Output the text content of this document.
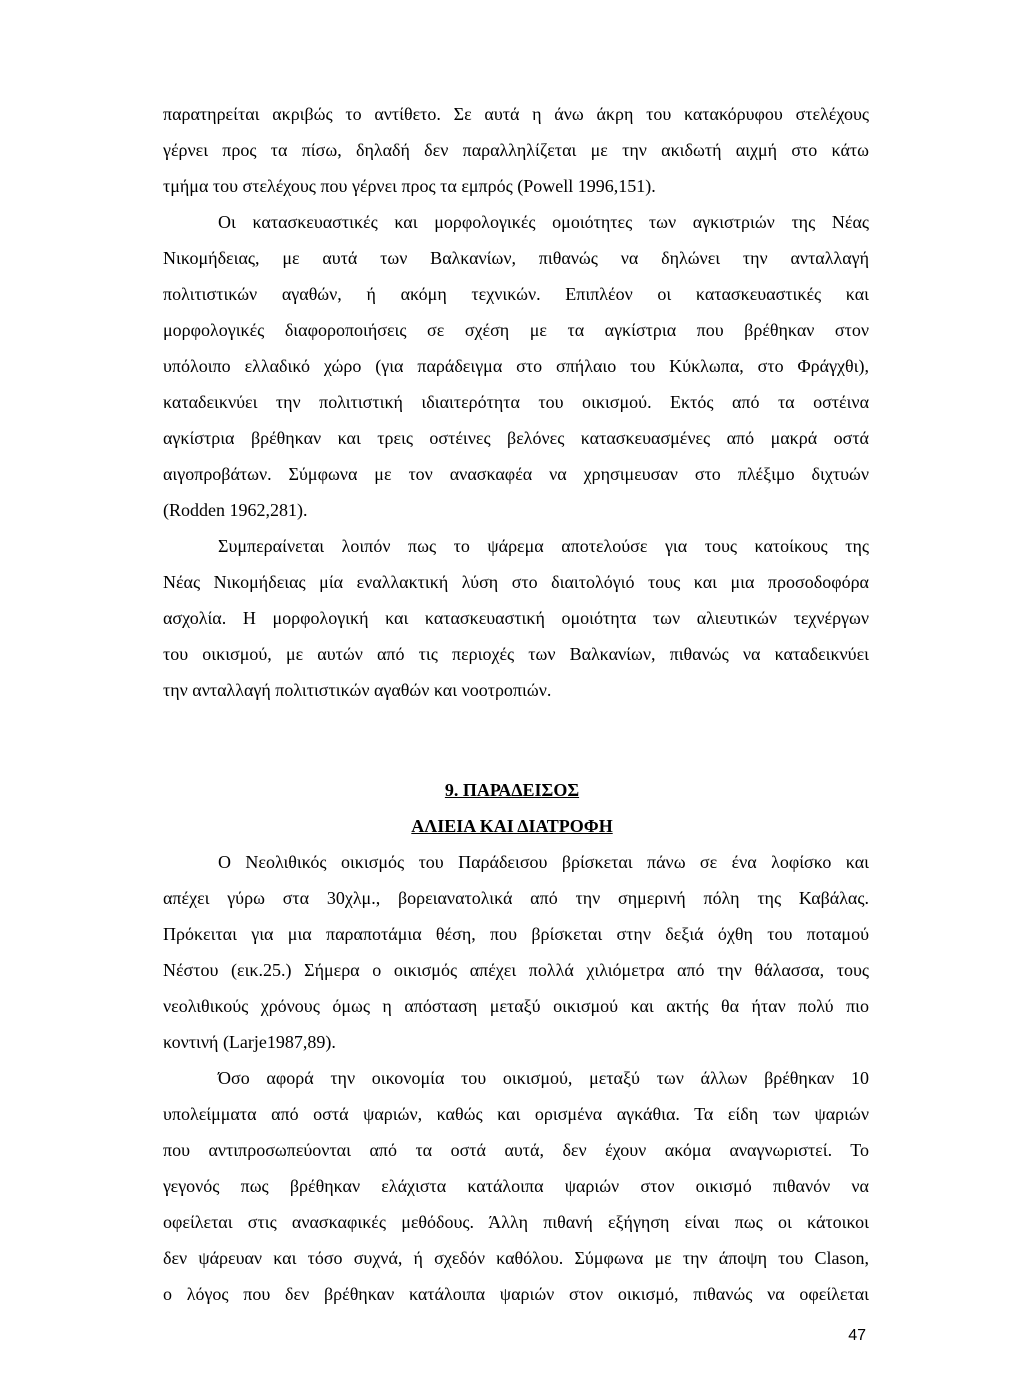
παρατηρείται ακριβώς το αντίθετο. Σε αυτά η άνω άκρη του κατακόρυφου στελέχους
γέρνει προς τα πίσω, δηλαδή δεν παραλληλίζεται με την ακιδωτή αιχμή στο κάτω
τμήμα του στελέχους που γέρνει προς τα εμπρός (Powell 1996,151).
Οι κατασκευαστικές και μορφολογικές ομοιότητες των αγκιστριών της Νέας
Νικομήδειας, με αυτά των Βαλκανίων, πιθανώς να δηλώνει την ανταλλαγή
πολιτιστικών αγαθών, ή ακόμη τεχνικών. Επιπλέον οι κατασκευαστικές και
μορφολογικές διαφοροποιήσεις σε σχέση με τα αγκίστρια που βρέθηκαν στον
υπόλοιπο ελλαδικό χώρο (για παράδειγμα στο σπήλαιο του Κύκλωπα, στο Φράγχθι),
καταδεικνύει την πολιτιστική ιδιαιτερότητα του οικισμού. Εκτός από τα οστέινα
αγκίστρια βρέθηκαν και τρεις οστέινες βελόνες κατασκευασμένες από μακρά οστά
αιγοπροβάτων. Σύμφωνα με τον ανασκαφέα να χρησιμευσαν στο πλέξιμο διχτυών
(Rodden 1962,281).
Συμπεραίνεται λοιπόν πως το ψάρεμα αποτελούσε για τους κατοίκους της
Νέας Νικομήδειας μία εναλλακτική λύση στο διαιτολόγιό τους και μια προσοδοφόρα
ασχολία. Η μορφολογική και κατασκευαστική ομοιότητα των αλιευτικών τεχνέργων
του οικισμού, με αυτών από τις περιοχές των Βαλκανίων, πιθανώς να καταδεικνύει
την ανταλλαγή πολιτιστικών αγαθών και νοοτροπιών.
9. ΠΑΡΑΔΕΙΣΟΣ
ΑΛΙΕΙΑ ΚΑΙ ΔΙΑΤΡΟΦΗ
Ο Νεολιθικός οικισμός του Παράδεισου βρίσκεται πάνω σε ένα λοφίσκο και
απέχει γύρω στα 30χλμ., βορειανατολικά από την σημερινή πόλη της Καβάλας.
Πρόκειται για μια παραποτάμια θέση, που βρίσκεται στην δεξιά όχθη του ποταμού
Νέστου (εικ.25.) Σήμερα ο οικισμός απέχει πολλά χιλιόμετρα από την θάλασσα, τους
νεολιθικούς χρόνους όμως η απόσταση μεταξύ οικισμού και ακτής θα ήταν πολύ πιο
κοντινή (Larje1987,89).
Όσο αφορά την οικονομία του οικισμού, μεταξύ των άλλων βρέθηκαν 10
υπολείμματα από οστά ψαριών, καθώς και ορισμένα αγκάθια. Τα είδη των ψαριών
που αντιπροσωπεύονται από τα οστά αυτά, δεν έχουν ακόμα αναγνωριστεί. Το
γεγονός πως βρέθηκαν ελάχιστα κατάλοιπα ψαριών στον οικισμό πιθανόν να
οφείλεται στις ανασκαφικές μεθόδους. Άλλη πιθανή εξήγηση είναι πως οι κάτοικοι
δεν ψάρευαν και τόσο συχνά, ή σχεδόν καθόλου. Σύμφωνα με την άποψη του Clason,
ο λόγος που δεν βρέθηκαν κατάλοιπα ψαριών στον οικισμό, πιθανώς να οφείλεται
47
